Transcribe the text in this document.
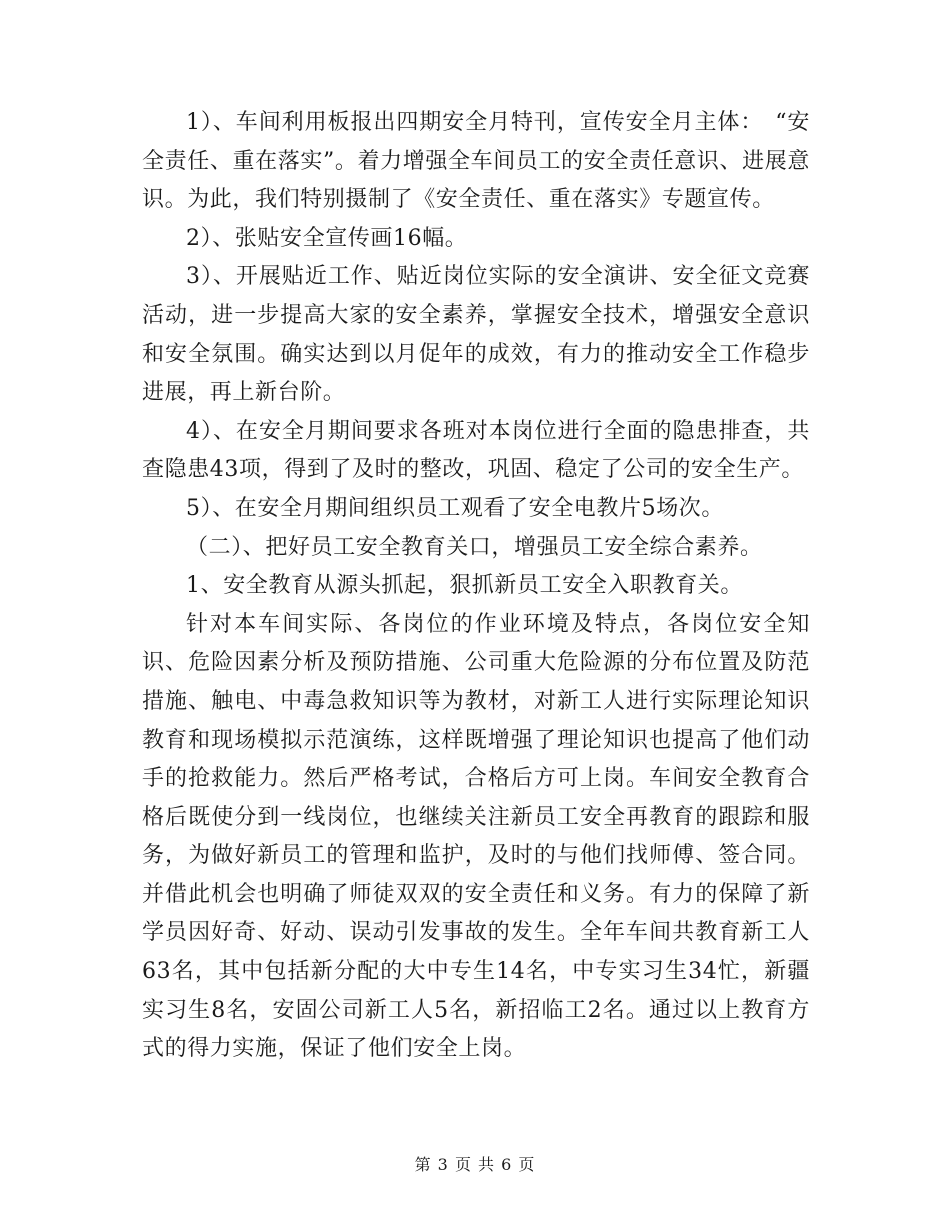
1）、车间利用板报出四期安全月特刊，宣传安全月主体：　“安全责任、重在落实”。着力增强全车间员工的安全责任意识、进展意识。为此，我们特别摄制了《安全责任、重在落实》专题宣传。

2）、张贴安全宣传画16幅。

3）、开展贴近工作、贴近岗位实际的安全演讲、安全征文竞赛活动，进一步提高大家的安全素养，掌握安全技术，增强安全意识和安全氛围。确实达到以月促年的成效，有力的推动安全工作稳步进展，再上新台阶。

4）、在安全月期间要求各班对本岗位进行全面的隐患排查，共查隐患43项，得到了及时的整改，巩固、稳定了公司的安全生产。

5）、在安全月期间组织员工观看了安全电教片5场次。

（二）、把好员工安全教育关口，增强员工安全综合素养。

1、安全教育从源头抓起，狠抓新员工安全入职教育关。

针对本车间实际、各岗位的作业环境及特点，各岗位安全知识、危险因素分析及预防措施、公司重大危险源的分布位置及防范措施、触电、中毒急救知识等为教材，对新工人进行实际理论知识教育和现场模拟示范演练，这样既增强了理论知识也提高了他们动手的抢救能力。然后严格考试，合格后方可上岗。车间安全教育合格后既使分到一线岗位，也继续关注新员工安全再教育的跟踪和服务，为做好新员工的管理和监护，及时的与他们找师傅、签合同。并借此机会也明确了师徒双双的安全责任和义务。有力的保障了新学员因好奇、好动、误动引发事故的发生。全年车间共教育新工人63名，其中包括新分配的大中专生14名，中专实习生34忙，新疆实习生8名，安固公司新工人5名，新招临工2名。通过以上教育方式的得力实施，保证了他们安全上岗。

第 3 页 共 6 页
